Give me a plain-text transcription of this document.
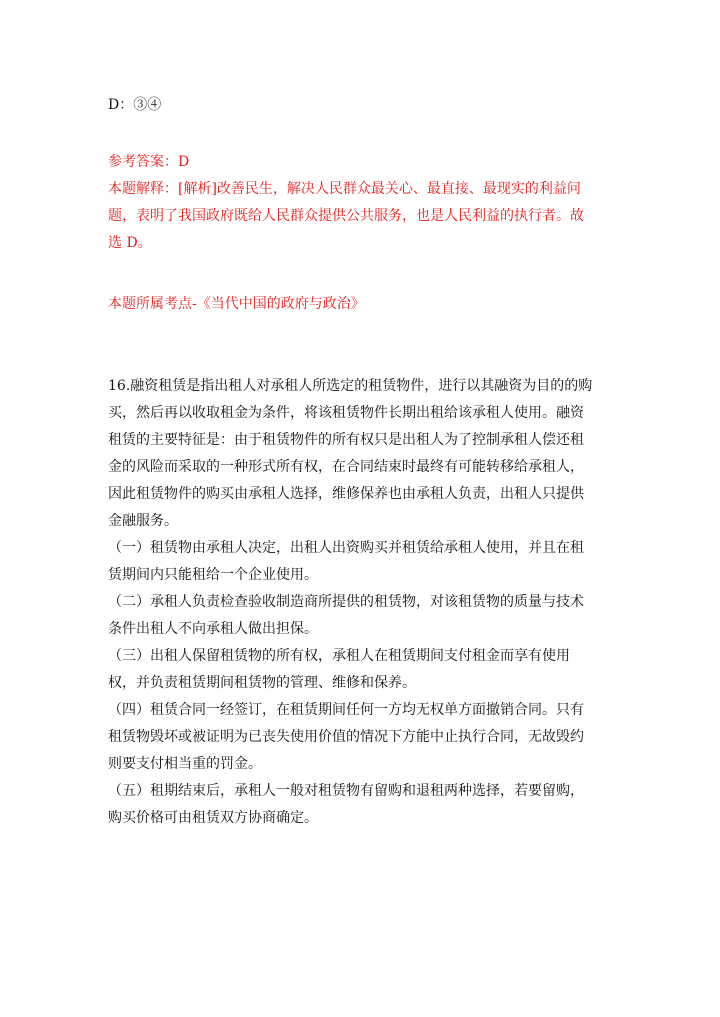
D：③④
参考答案：D
本题解释：[解析]改善民生，解决人民群众最关心、最直接、最现实的利益问
题，表明了我国政府既给人民群众提供公共服务，也是人民利益的执行者。故
选 D。
本题所属考点-《当代中国的政府与政治》
16.融资租赁是指出租人对承租人所选定的租赁物件，进行以其融资为目的的购
买，然后再以收取租金为条件，将该租赁物件长期出租给该承租人使用。融资
租赁的主要特征是：由于租赁物件的所有权只是出租人为了控制承租人偿还租
金的风险而采取的一种形式所有权，在合同结束时最终有可能转移给承租人，
因此租赁物件的购买由承租人选择，维修保养也由承租人负责，出租人只提供
金融服务。
（一）租赁物由承租人决定，出租人出资购买并租赁给承租人使用，并且在租
赁期间内只能租给一个企业使用。
（二）承租人负责检查验收制造商所提供的租赁物，对该租赁物的质量与技术
条件出租人不向承租人做出担保。
（三）出租人保留租赁物的所有权，承租人在租赁期间支付租金而享有使用
权，并负责租赁期间租赁物的管理、维修和保养。
（四）租赁合同一经签订，在租赁期间任何一方均无权单方面撤销合同。只有
租赁物毁坏或被证明为已丧失使用价值的情况下方能中止执行合同，无故毁约
则要支付相当重的罚金。
（五）租期结束后，承租人一般对租赁物有留购和退租两种选择，若要留购，
购买价格可由租赁双方协商确定。
